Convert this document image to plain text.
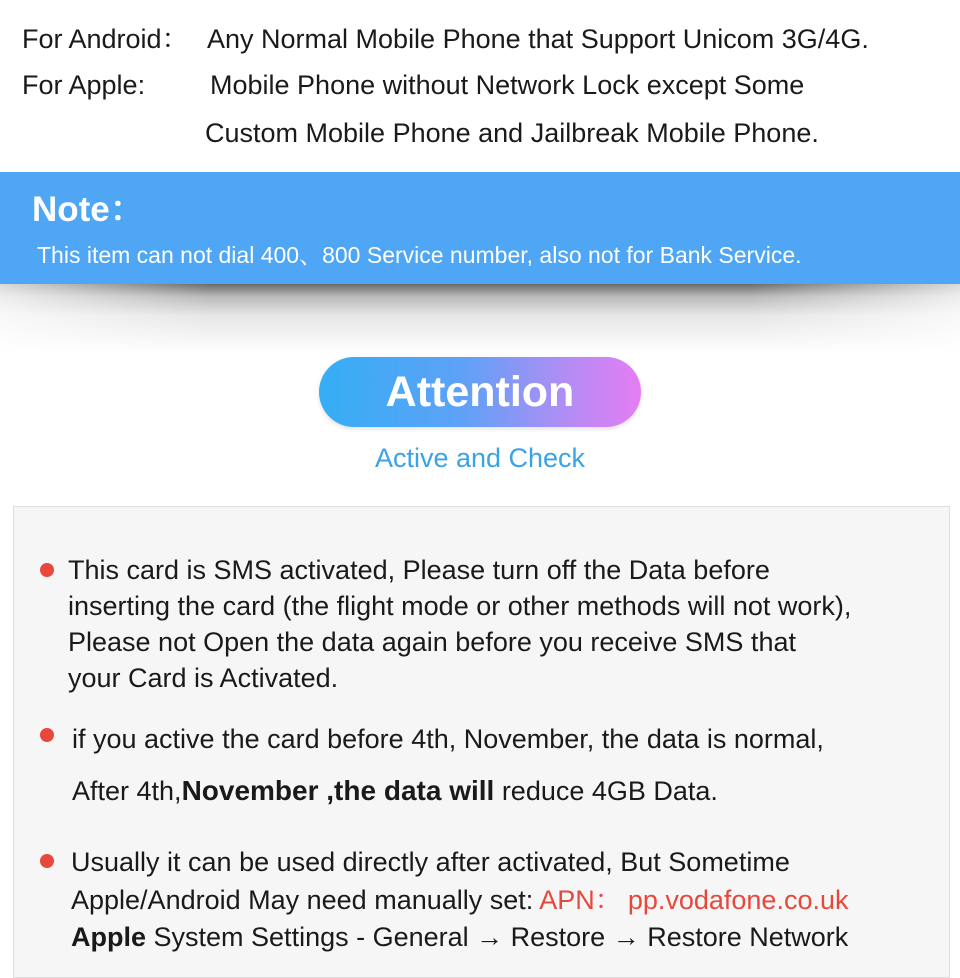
For Android： Any Normal Mobile Phone that Support Unicom 3G/4G.
For Apple: Mobile Phone without Network Lock except Some
Custom Mobile Phone and Jailbreak Mobile Phone.
Note：
This item can not dial 400、800 Service number, also not for Bank Service.
Attention
Active and Check
This card is SMS activated, Please turn off the Data before
inserting the card (the flight mode or other methods will not work),
Please not Open the data again before you receive SMS that
your Card is Activated.
if you active the card before 4th, November, the data is normal,
After 4th,November ,the data will reduce 4GB Data.
Usually it can be used directly after activated, But Sometime
Apple/Android May need manually set: APN： pp.vodafone.co.uk
Apple System Settings - General → Restore → Restore Network
